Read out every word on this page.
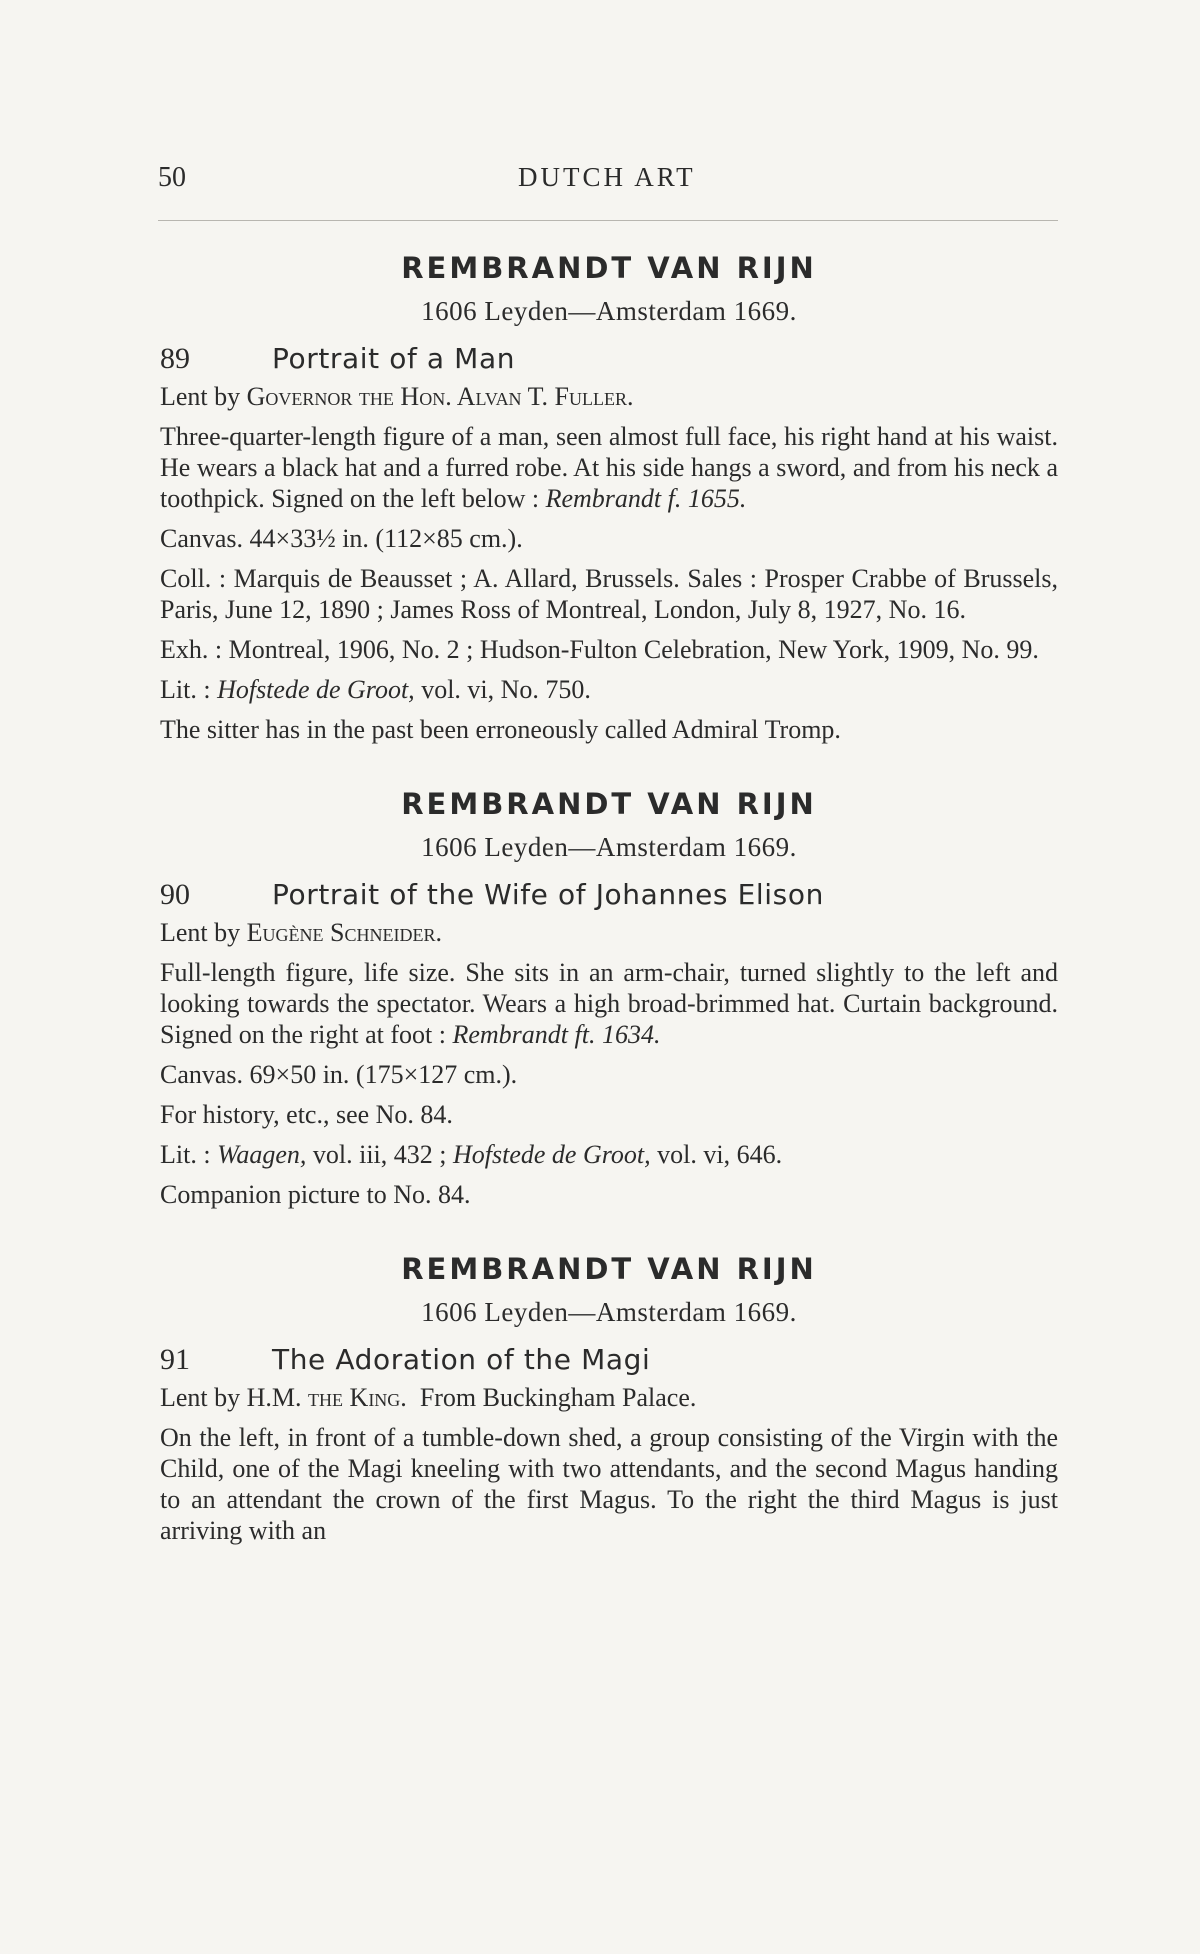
50	DUTCH ART
REMBRANDT VAN RIJN
1606 Leyden—Amsterdam 1669.
89	Portrait of a Man

Lent by Governor the Hon. Alvan T. Fuller.

Three-quarter-length figure of a man, seen almost full face, his right hand at his waist. He wears a black hat and a furred robe. At his side hangs a sword, and from his neck a toothpick. Signed on the left below : Rembrandt f. 1655.

Canvas. 44×33½ in. (112×85 cm.).

Coll. : Marquis de Beausset ; A. Allard, Brussels. Sales : Prosper Crabbe of Brussels, Paris, June 12, 1890 ; James Ross of Montreal, London, July 8, 1927, No. 16.

Exh. : Montreal, 1906, No. 2 ; Hudson-Fulton Celebration, New York, 1909, No. 99.

Lit. : Hofstede de Groot, vol. vi, No. 750.

The sitter has in the past been erroneously called Admiral Tromp.

REMBRANDT VAN RIJN
1606 Leyden—Amsterdam 1669.
90	Portrait of the Wife of Johannes Elison

Lent by Eugène Schneider.

Full-length figure, life size. She sits in an arm-chair, turned slightly to the left and looking towards the spectator. Wears a high broad-brimmed hat. Curtain background. Signed on the right at foot : Rembrandt ft. 1634.

Canvas. 69×50 in. (175×127 cm.).

For history, etc., see No. 84.

Lit. : Waagen, vol. iii, 432 ; Hofstede de Groot, vol. vi, 646.

Companion picture to No. 84.

REMBRANDT VAN RIJN
1606 Leyden—Amsterdam 1669.
91	The Adoration of the Magi

Lent by H.M. the King. From Buckingham Palace.

On the left, in front of a tumble-down shed, a group consisting of the Virgin with the Child, one of the Magi kneeling with two attendants, and the second Magus handing to an attendant the crown of the first Magus. To the right the third Magus is just arriving with an
